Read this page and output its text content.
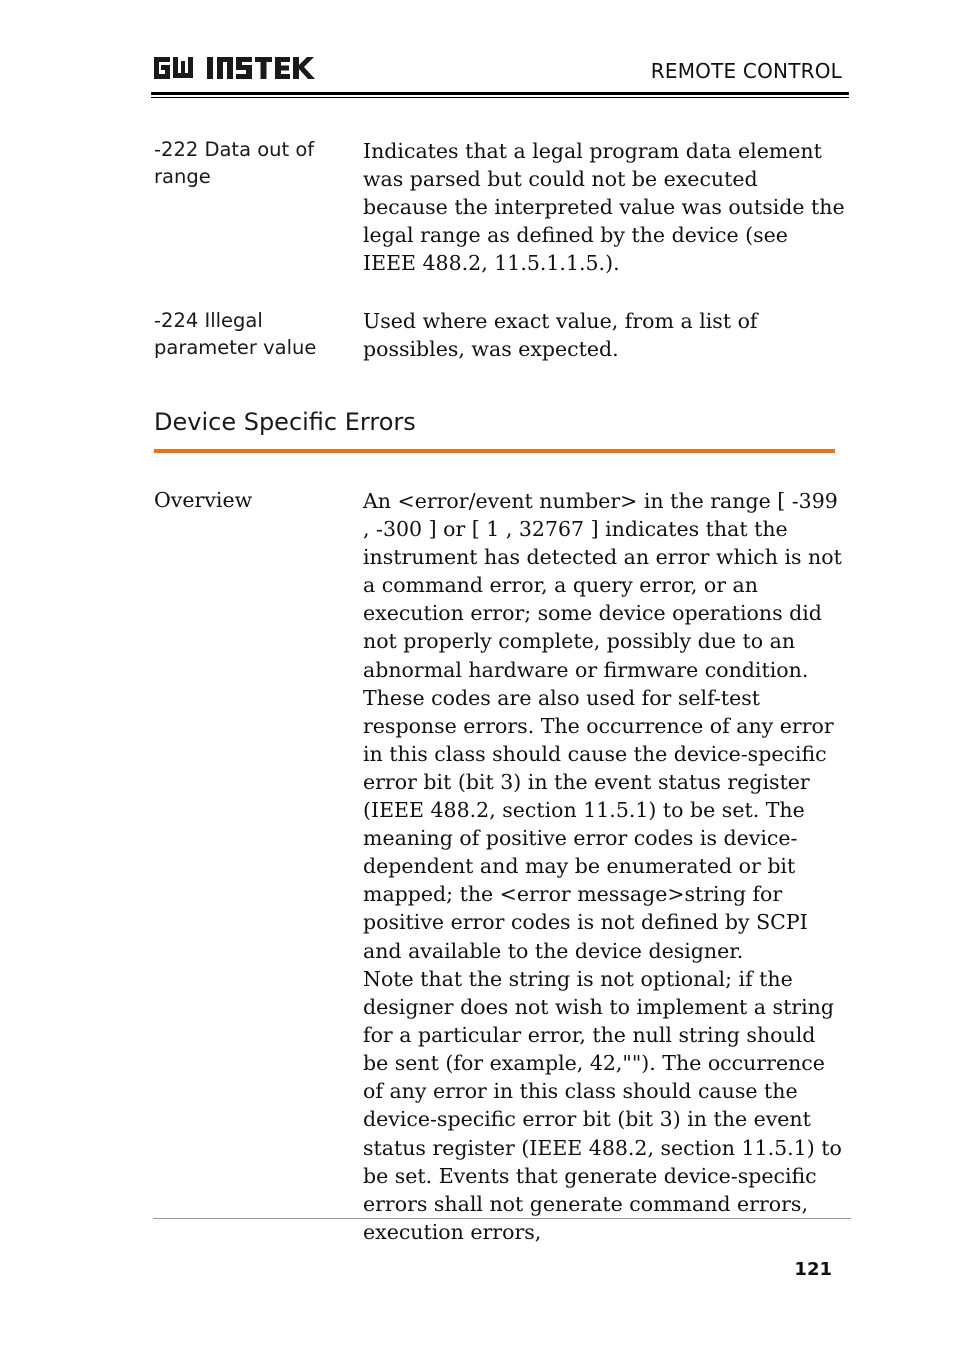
REMOTE CONTROL
-222 Data out of range
Indicates that a legal program data element was parsed but could not be executed because the interpreted value was outside the legal range as defined by the device (see IEEE 488.2, 11.5.1.1.5.).
-224 Illegal parameter value
Used where exact value, from a list of possibles, was expected.
Device Specific Errors
Overview	An <error/event number> in the range [ -399 , -300 ] or [ 1 , 32767 ] indicates that the instrument has detected an error which is not a command error, a query error, or an execution error; some device operations did not properly complete, possibly due to an abnormal hardware or firmware condition. These codes are also used for self-test response errors. The occurrence of any error in this class should cause the device-specific error bit (bit 3) in the event status register (IEEE 488.2, section 11.5.1) to be set. The meaning of positive error codes is device-dependent and may be enumerated or bit mapped; the <error message>string for positive error codes is not defined by SCPI and available to the device designer.
Note that the string is not optional; if the designer does not wish to implement a string for a particular error, the null string should be sent (for example, 42,""). The occurrence of any error in this class should cause the device-specific error bit (bit 3) in the event status register (IEEE 488.2, section 11.5.1) to be set. Events that generate device-specific errors shall not generate command errors, execution errors,
121
